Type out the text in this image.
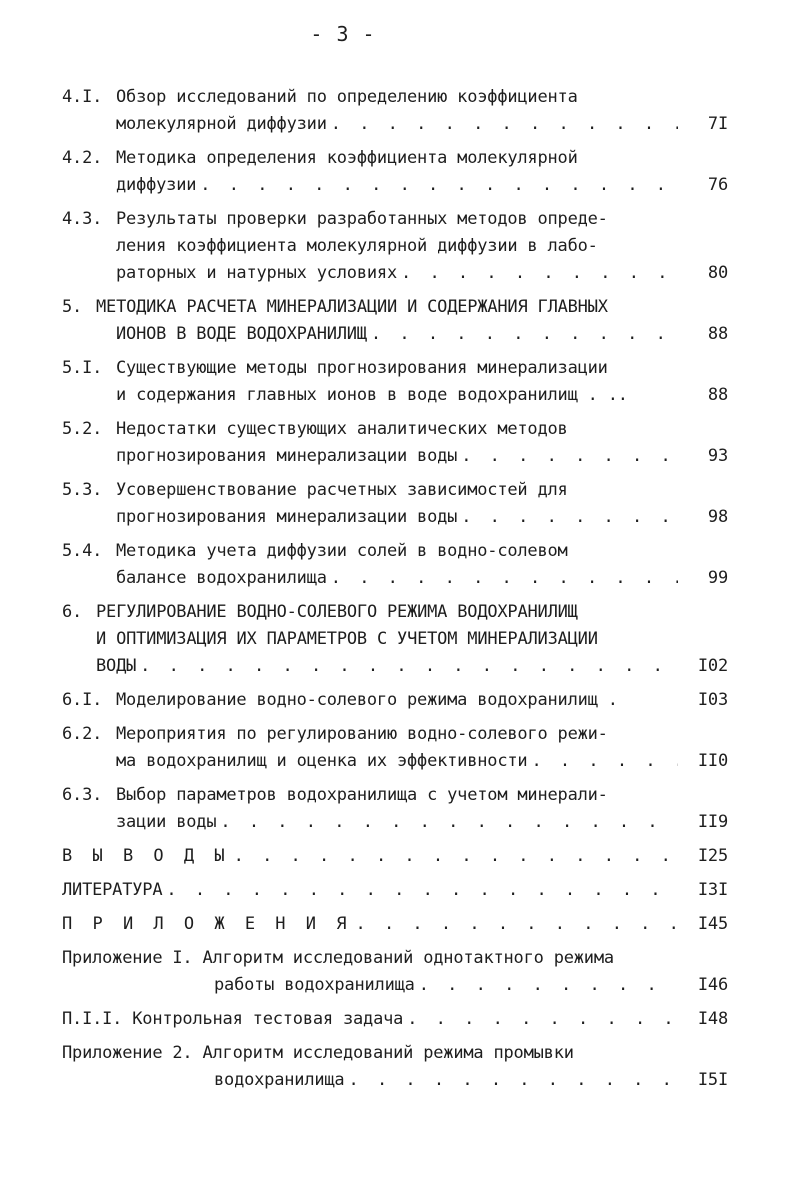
- 3 -
4.I. Обзор исследований по определению коэффициента
молекулярной диффузии . . .	7I
4.2. Методика определения коэффициента молекулярной
диффузии . . .	76
4.3. Результаты проверки разработанных методов опреде-
ления коэффициента молекулярной диффузии в лабо-
раторных и натурных условиях . . .	80
5. МЕТОДИКА РАСЧЕТА МИНЕРАЛИЗАЦИИ И СОДЕРЖАНИЯ ГЛАВНЫХ
ИОНОВ В ВОДЕ ВОДОХРАНИЛИЩ . . .	88
5.I. Существующие методы прогнозирования минерализации
и содержания главных ионов в воде водохранилищ . ..	88
5.2. Недостатки существующих аналитических методов
прогнозирования минерализации воды . . .	93
5.3. Усовершенствование расчетных зависимостей для
прогнозирования минерализации воды . . .	98
5.4. Методика учета диффузии солей в водно-солевом
балансе водохранилища . . .	99
6. РЕГУЛИРОВАНИЕ ВОДНО-СОЛЕВОГО РЕЖИМА ВОДОХРАНИЛИЩ
И ОПТИМИЗАЦИЯ ИХ ПАРАМЕТРОВ С УЧЕТОМ МИНЕРАЛИЗАЦИИ
ВОДЫ . . .	I02
6.I. Моделирование водно-солевого режима водохранилищ .	I03
6.2. Мероприятия по регулированию водно-солевого режи-
ма водохранилищ и оценка их эффективности . . .	II0
6.3. Выбор параметров водохранилища с учетом минерали-
зации воды . . .	II9
В Ы В О Д Ы . . .	I25
ЛИТЕРАТУРА . . .	I3I
П Р И Л О Ж Е Н И Я . . .	I45
Приложение I. Алгоритм исследований однотактного режима
работы водохранилища . . .	I46
П.I.I. Контрольная тестовая задача . . .	I48
Приложение 2. Алгоритм исследований режима промывки
водохранилища . . .	I5I
